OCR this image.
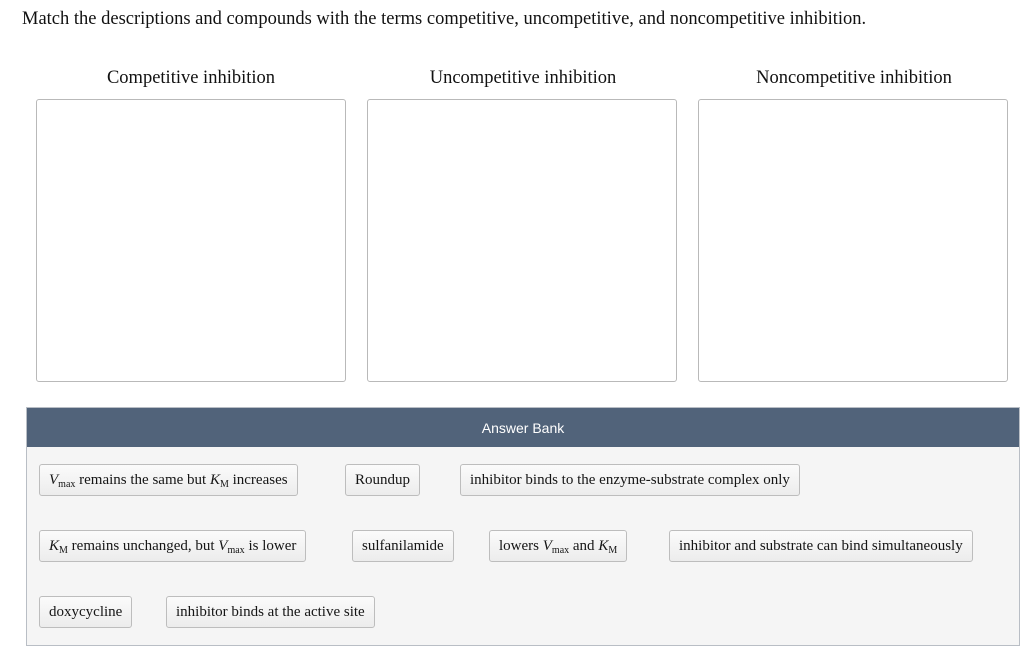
Match the descriptions and compounds with the terms competitive, uncompetitive, and noncompetitive inhibition.
Competitive inhibition	Uncompetitive inhibition	Noncompetitive inhibition
Answer Bank
$V_{max}$ remains the same but $K_M$ increases	Roundup	inhibitor binds to the enzyme-substrate complex only
$K_M$ remains unchanged, but $V_{max}$ is lower	sulfanilamide	lowers $V_{max}$ and $K_M$	inhibitor and substrate can bind simultaneously
doxycycline	inhibitor binds at the active site
